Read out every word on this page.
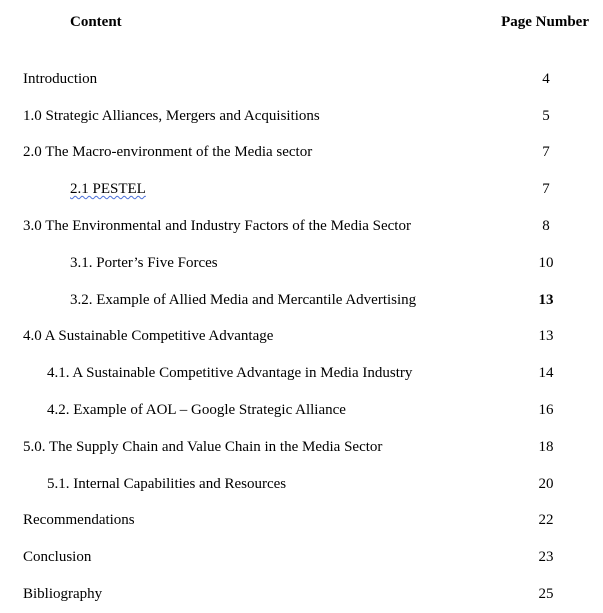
Content	Page Number
Introduction	4
1.0 Strategic Alliances, Mergers and Acquisitions	5
2.0 The Macro-environment of the Media sector	7
2.1 PESTEL	7
3.0 The Environmental and Industry Factors of the Media Sector	8
3.1. Porter’s Five Forces	10
3.2. Example of Allied Media and Mercantile Advertising	13
4.0 A Sustainable Competitive Advantage	13
4.1. A Sustainable Competitive Advantage in Media Industry	14
4.2. Example of AOL – Google Strategic Alliance	16
5.0. The Supply Chain and Value Chain in the Media Sector	18
5.1. Internal Capabilities and Resources	20
Recommendations	22
Conclusion	23
Bibliography	25
